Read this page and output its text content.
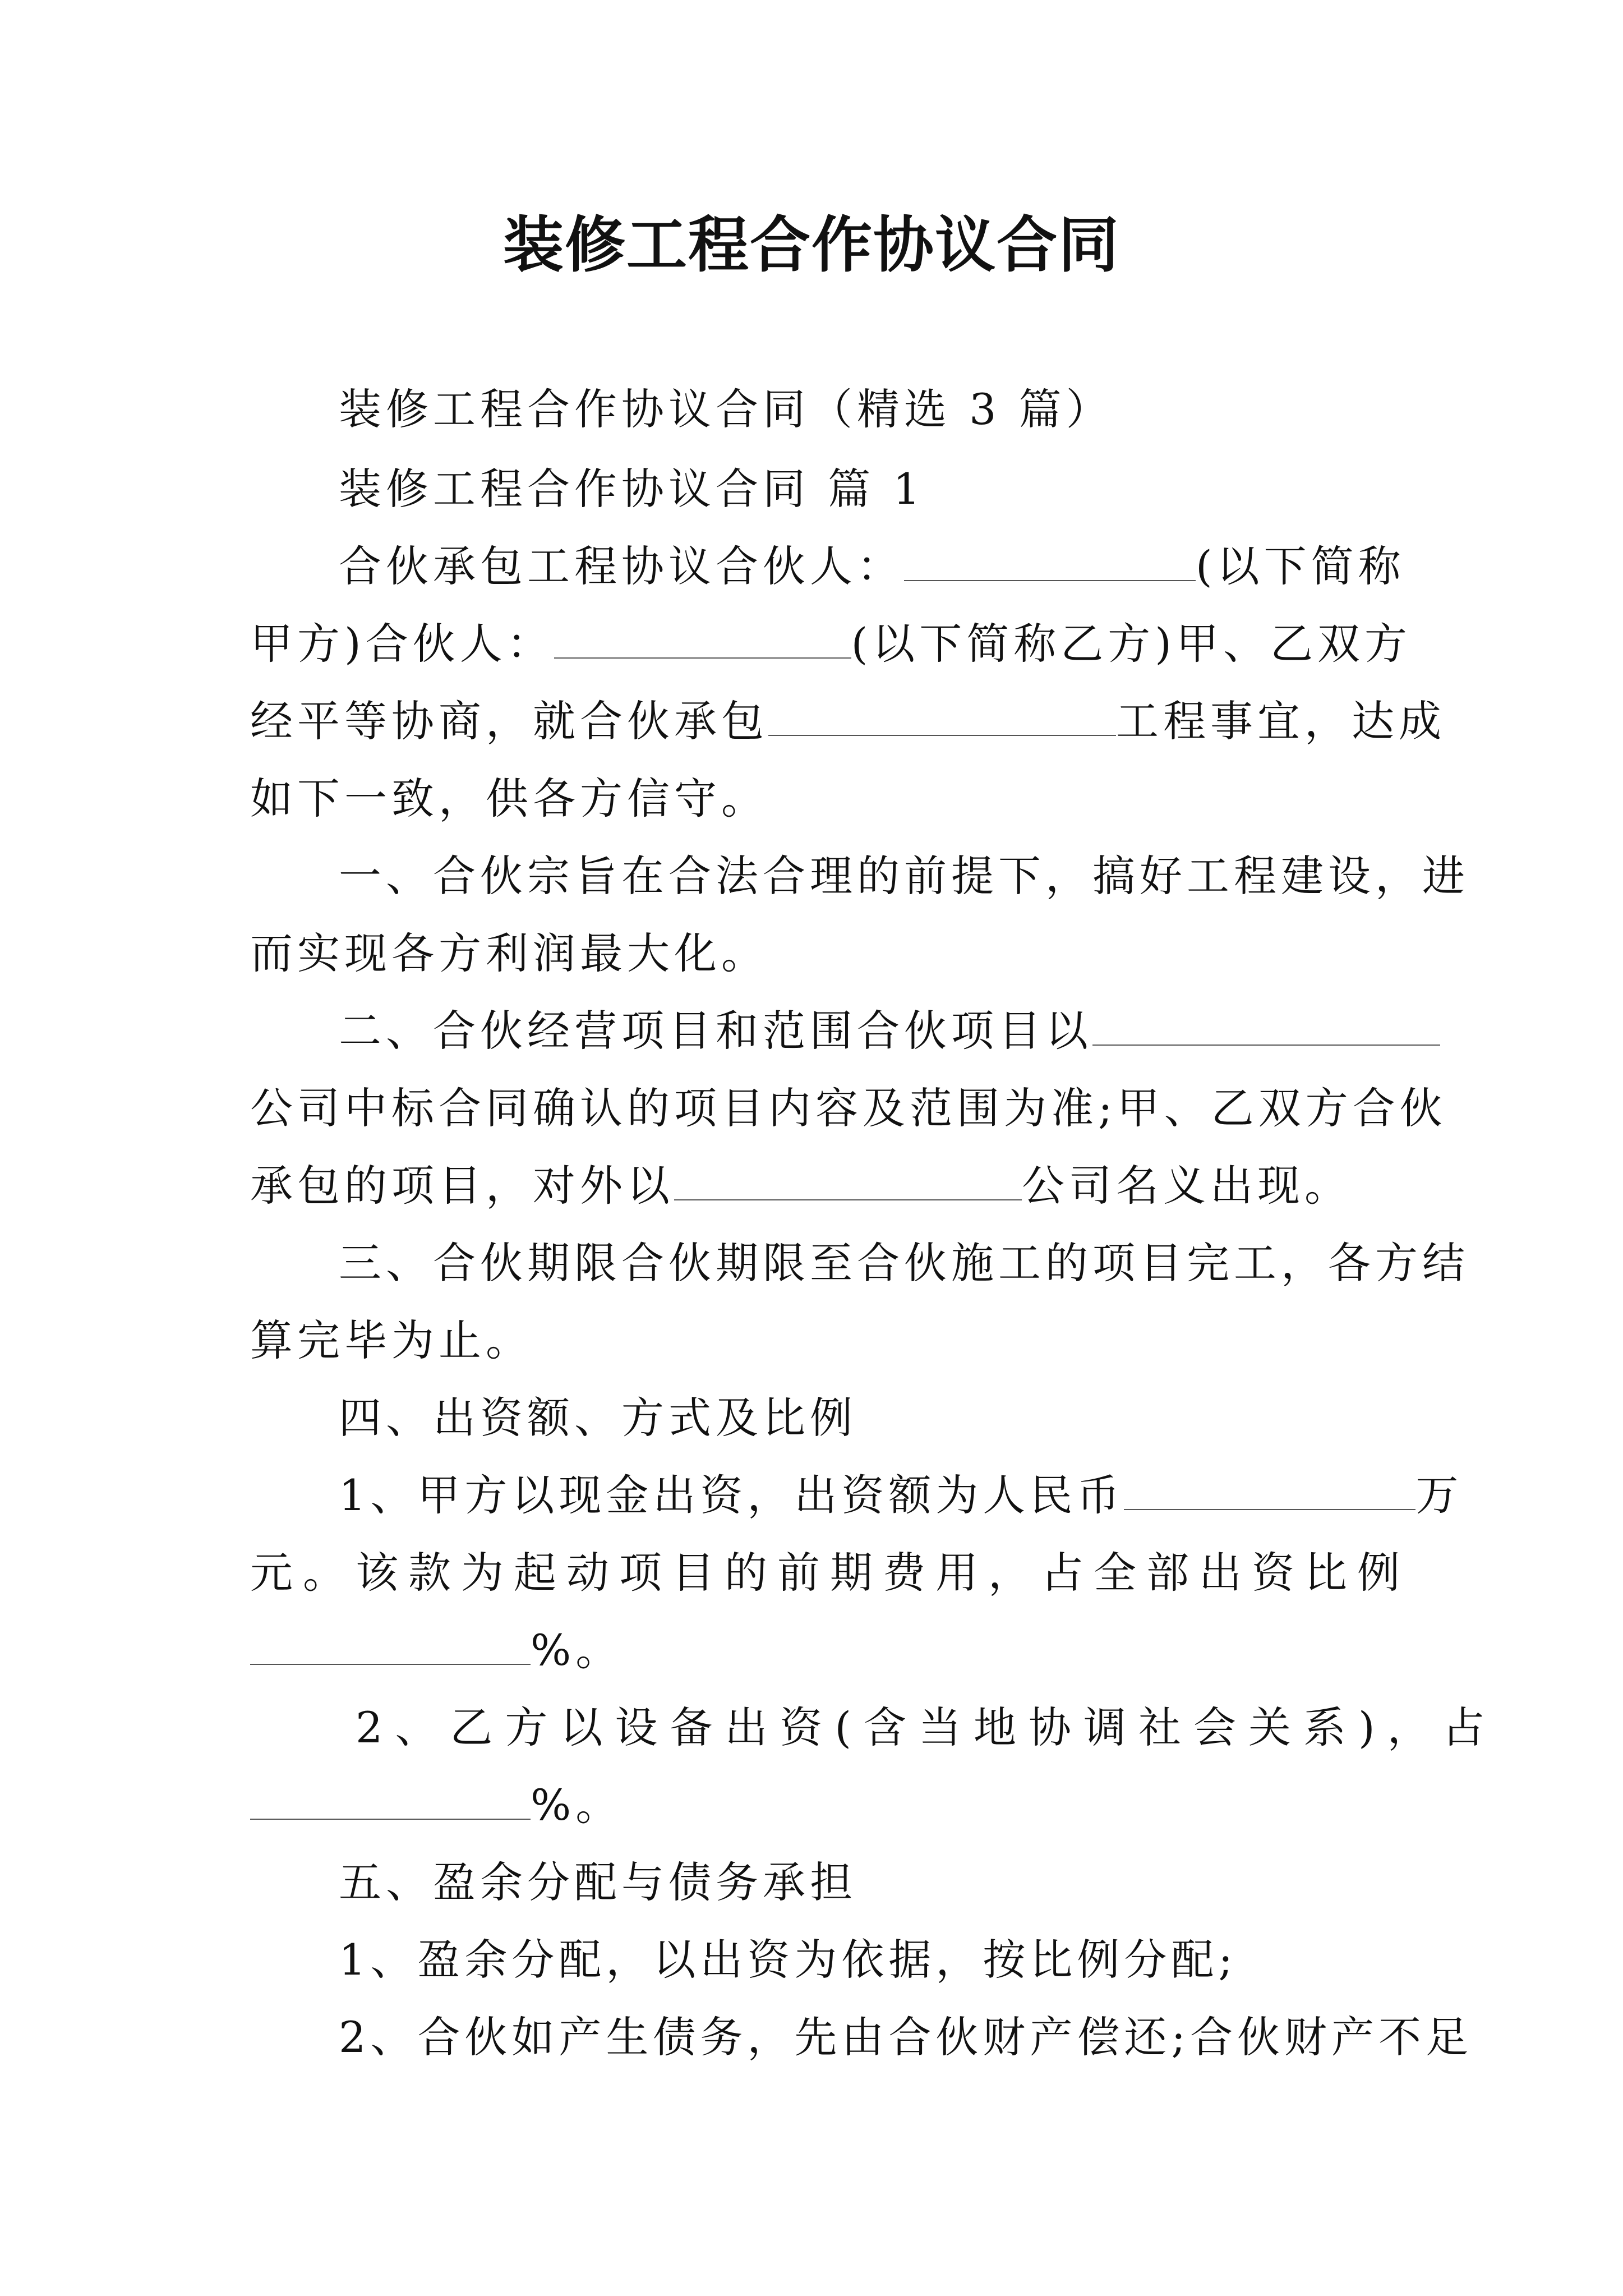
装修工程合作协议合同
装修工程合作协议合同（精选 3 篇）
装修工程合作协议合同 篇 1
合伙承包工程协议合伙人：	(以下简称
甲方)合伙人：	(以下简称乙方)甲、乙双方
经平等协商，就合伙承包	工程事宜，达成
如下一致，供各方信守。
一、合伙宗旨在合法合理的前提下，搞好工程建设，进
而实现各方利润最大化。
二、合伙经营项目和范围合伙项目以
公司中标合同确认的项目内容及范围为准;甲、乙双方合伙
承包的项目，对外以	公司名义出现。
三、合伙期限合伙期限至合伙施工的项目完工，各方结
算完毕为止。
四、出资额、方式及比例
1、甲方以现金出资，出资额为人民币	万
元。该款为起动项目的前期费用，占全部出资比例
%。
2、乙方以设备出资(含当地协调社会关系)，占
%。
五、盈余分配与债务承担
1、盈余分配，以出资为依据，按比例分配;
2、合伙如产生债务，先由合伙财产偿还;合伙财产不足
